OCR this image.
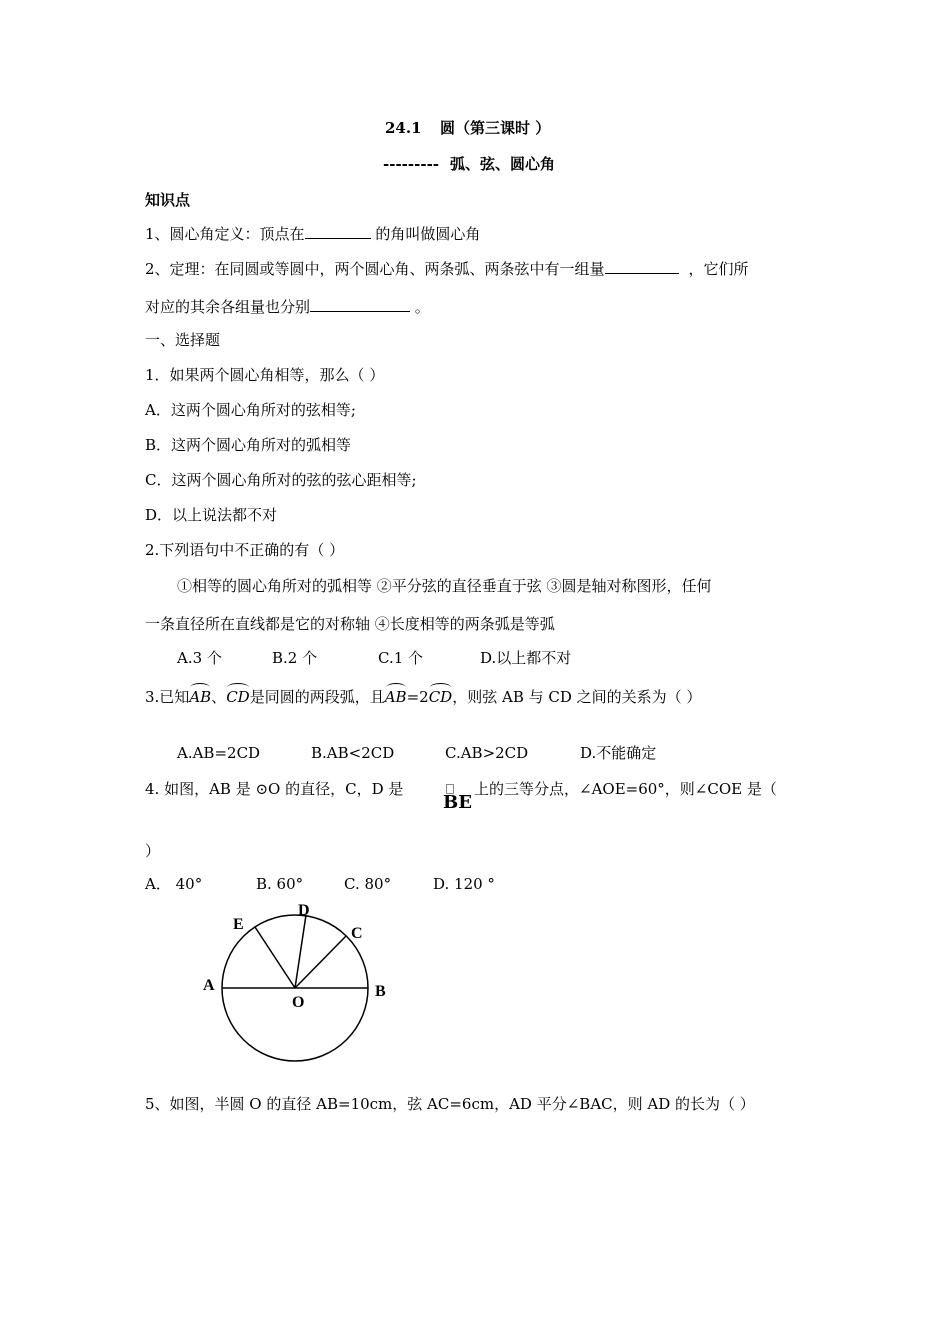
24.1 圆（第三课时 ）
--------- 弧、弦、圆心角
知识点
1、圆心角定义：顶点在	的角叫做圆心角
2、定理：在同圆或等圆中，两个圆心角、两条弧、两条弦中有一组量	，它们所
对应的其余各组量也分别	。
一、选择题
1．如果两个圆心角相等，那么（ ）
A．这两个圆心角所对的弦相等;
B．这两个圆心角所对的弧相等
C．这两个圆心角所对的弦的弦心距相等;
D．以上说法都不对
2.下列语句中不正确的有（ ）
①相等的圆心角所对的弧相等 ②平分弦的直径垂直于弦 ③圆是轴对称图形，任何
一条直径所在直线都是它的对称轴 ④长度相等的两条弧是等弧
A.3 个	B.2 个	C.1 个	D.以上都不对
3.已知AB、CD是同圆的两段弧，且AB=2CD，则弦 AB 与 CD 之间的关系为（ ）
A.AB=2CD	B.AB<2CD	C.AB>2CD	D.不能确定
4. 如图，AB 是 ⊙O 的直径，C，D 是
BE
上的三等分点，∠AOE=60°，则∠COE 是（
）
A． 40°	B. 60°	C. 80°	D. 120 °
A	B
C
D
E
O
5、如图，半圆 O 的直径 AB=10cm，弦 AC=6cm，AD 平分∠BAC，则 AD 的长为（ ）
